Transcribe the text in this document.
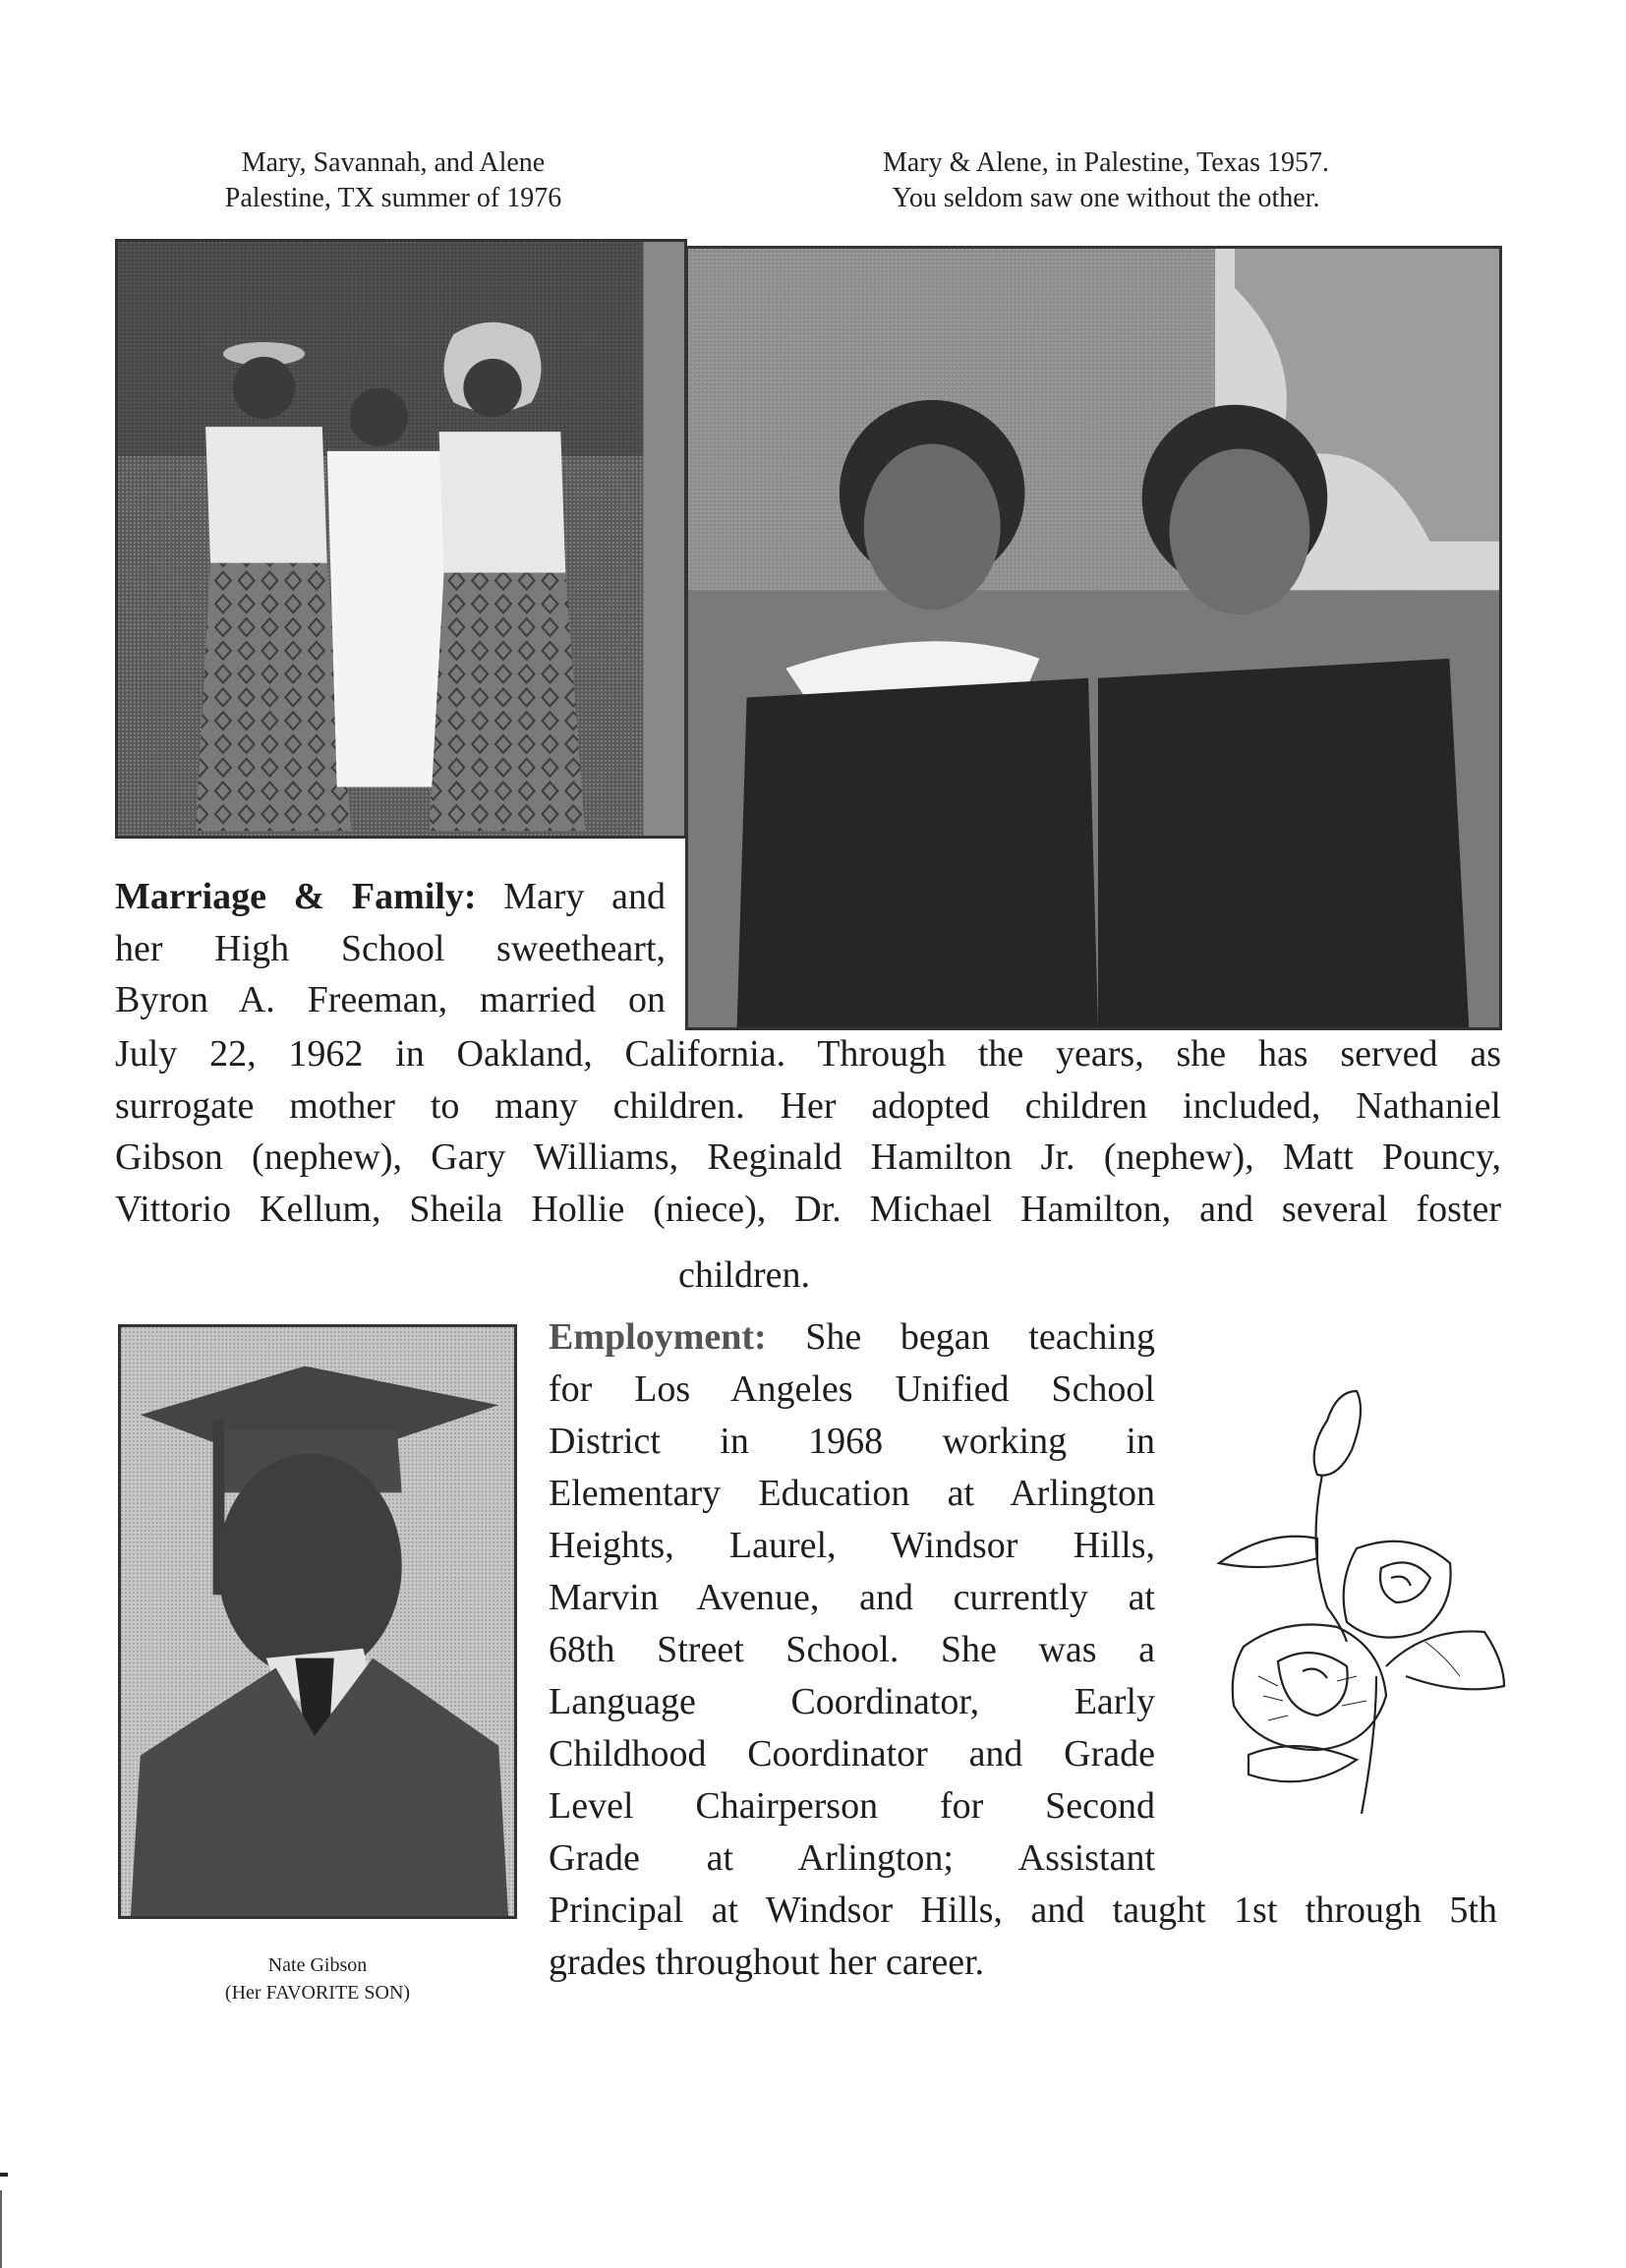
Mary, Savannah, and Alene
Palestine, TX summer of 1976
Mary & Alene, in Palestine, Texas 1957.
You seldom saw one without the other.
Marriage & Family: Mary and
her High School sweetheart,
Byron A. Freeman, married on
July 22, 1962 in Oakland, California. Through the years, she has served as
surrogate mother to many children. Her adopted children included, Nathaniel
Gibson (nephew), Gary Williams, Reginald Hamilton Jr. (nephew), Matt Pouncy,
Vittorio Kellum, Sheila Hollie (niece), Dr. Michael Hamilton, and several foster
children.
Nate Gibson
(Her FAVORITE SON)
Employment: She began teaching
for Los Angeles Unified School
District in 1968 working in
Elementary Education at Arlington
Heights, Laurel, Windsor Hills,
Marvin Avenue, and currently at
68th Street School. She was a
Language Coordinator, Early
Childhood Coordinator and Grade
Level Chairperson for Second
Grade at Arlington; Assistant
Principal at Windsor Hills, and taught 1st through 5th
grades throughout her career.
